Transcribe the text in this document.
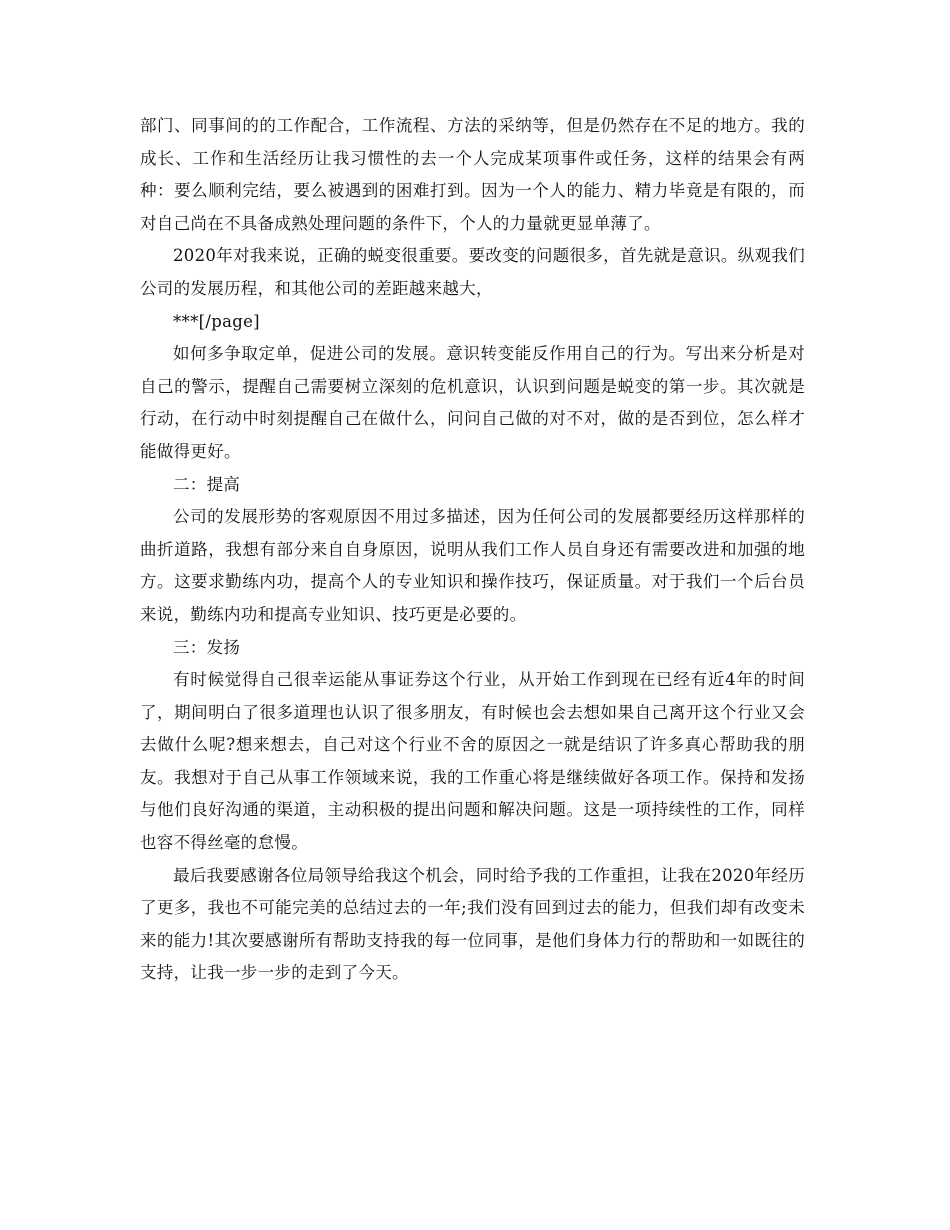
部门、同事间的的工作配合，工作流程、方法的采纳等，但是仍然存在不足的地方。我的成长、工作和生活经历让我习惯性的去一个人完成某项事件或任务，这样的结果会有两种：要么顺利完结，要么被遇到的困难打到。因为一个人的能力、精力毕竟是有限的，而对自己尚在不具备成熟处理问题的条件下，个人的力量就更显单薄了。

2020年对我来说，正确的蜕变很重要。要改变的问题很多，首先就是意识。纵观我们公司的发展历程，和其他公司的差距越来越大，

***[/page]

如何多争取定单，促进公司的发展。意识转变能反作用自己的行为。写出来分析是对自己的警示，提醒自己需要树立深刻的危机意识，认识到问题是蜕变的第一步。其次就是行动，在行动中时刻提醒自己在做什么，问问自己做的对不对，做的是否到位，怎么样才能做得更好。

二：提高

公司的发展形势的客观原因不用过多描述，因为任何公司的发展都要经历这样那样的曲折道路，我想有部分来自自身原因，说明从我们工作人员自身还有需要改进和加强的地方。这要求勤练内功，提高个人的专业知识和操作技巧，保证质量。对于我们一个后台员来说，勤练内功和提高专业知识、技巧更是必要的。

三：发扬

有时候觉得自己很幸运能从事证券这个行业，从开始工作到现在已经有近4年的时间了，期间明白了很多道理也认识了很多朋友，有时候也会去想如果自己离开这个行业又会去做什么呢?想来想去，自己对这个行业不舍的原因之一就是结识了许多真心帮助我的朋友。我想对于自己从事工作领域来说，我的工作重心将是继续做好各项工作。保持和发扬与他们良好沟通的渠道，主动积极的提出问题和解决问题。这是一项持续性的工作，同样也容不得丝毫的怠慢。

最后我要感谢各位局领导给我这个机会，同时给予我的工作重担，让我在2020年经历了更多，我也不可能完美的总结过去的一年;我们没有回到过去的能力，但我们却有改变未来的能力!其次要感谢所有帮助支持我的每一位同事，是他们身体力行的帮助和一如既往的支持，让我一步一步的走到了今天。
